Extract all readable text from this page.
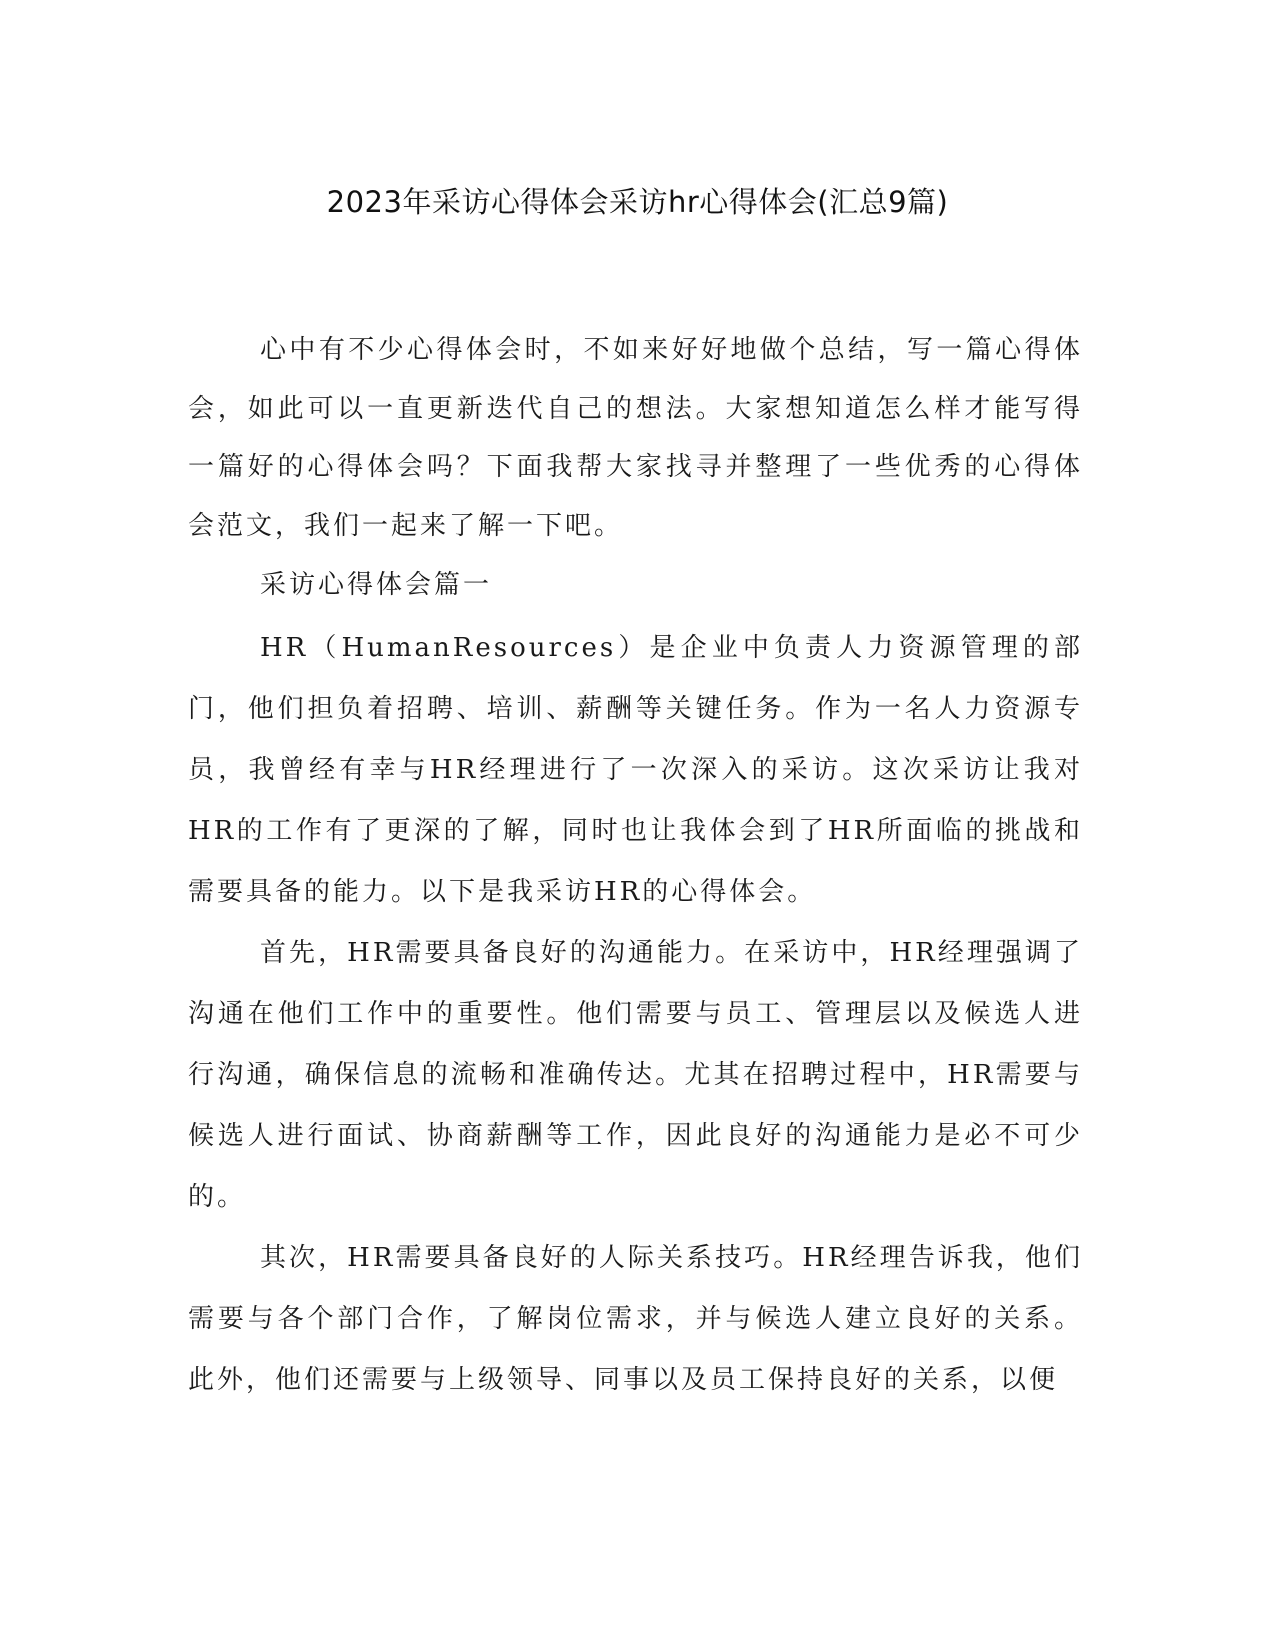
2023年采访心得体会采访hr心得体会(汇总9篇)

心中有不少心得体会时，不如来好好地做个总结，写一篇心得体会，如此可以一直更新迭代自己的想法。大家想知道怎么样才能写得一篇好的心得体会吗？下面我帮大家找寻并整理了一些优秀的心得体会范文，我们一起来了解一下吧。

采访心得体会篇一

HR（HumanResources）是企业中负责人力资源管理的部门，他们担负着招聘、培训、薪酬等关键任务。作为一名人力资源专员，我曾经有幸与HR经理进行了一次深入的采访。这次采访让我对HR的工作有了更深的了解，同时也让我体会到了HR所面临的挑战和需要具备的能力。以下是我采访HR的心得体会。

首先，HR需要具备良好的沟通能力。在采访中，HR经理强调了沟通在他们工作中的重要性。他们需要与员工、管理层以及候选人进行沟通，确保信息的流畅和准确传达。尤其在招聘过程中，HR需要与候选人进行面试、协商薪酬等工作，因此良好的沟通能力是必不可少的。

其次，HR需要具备良好的人际关系技巧。HR经理告诉我，他们需要与各个部门合作，了解岗位需求，并与候选人建立良好的关系。此外，他们还需要与上级领导、同事以及员工保持良好的关系，以便
